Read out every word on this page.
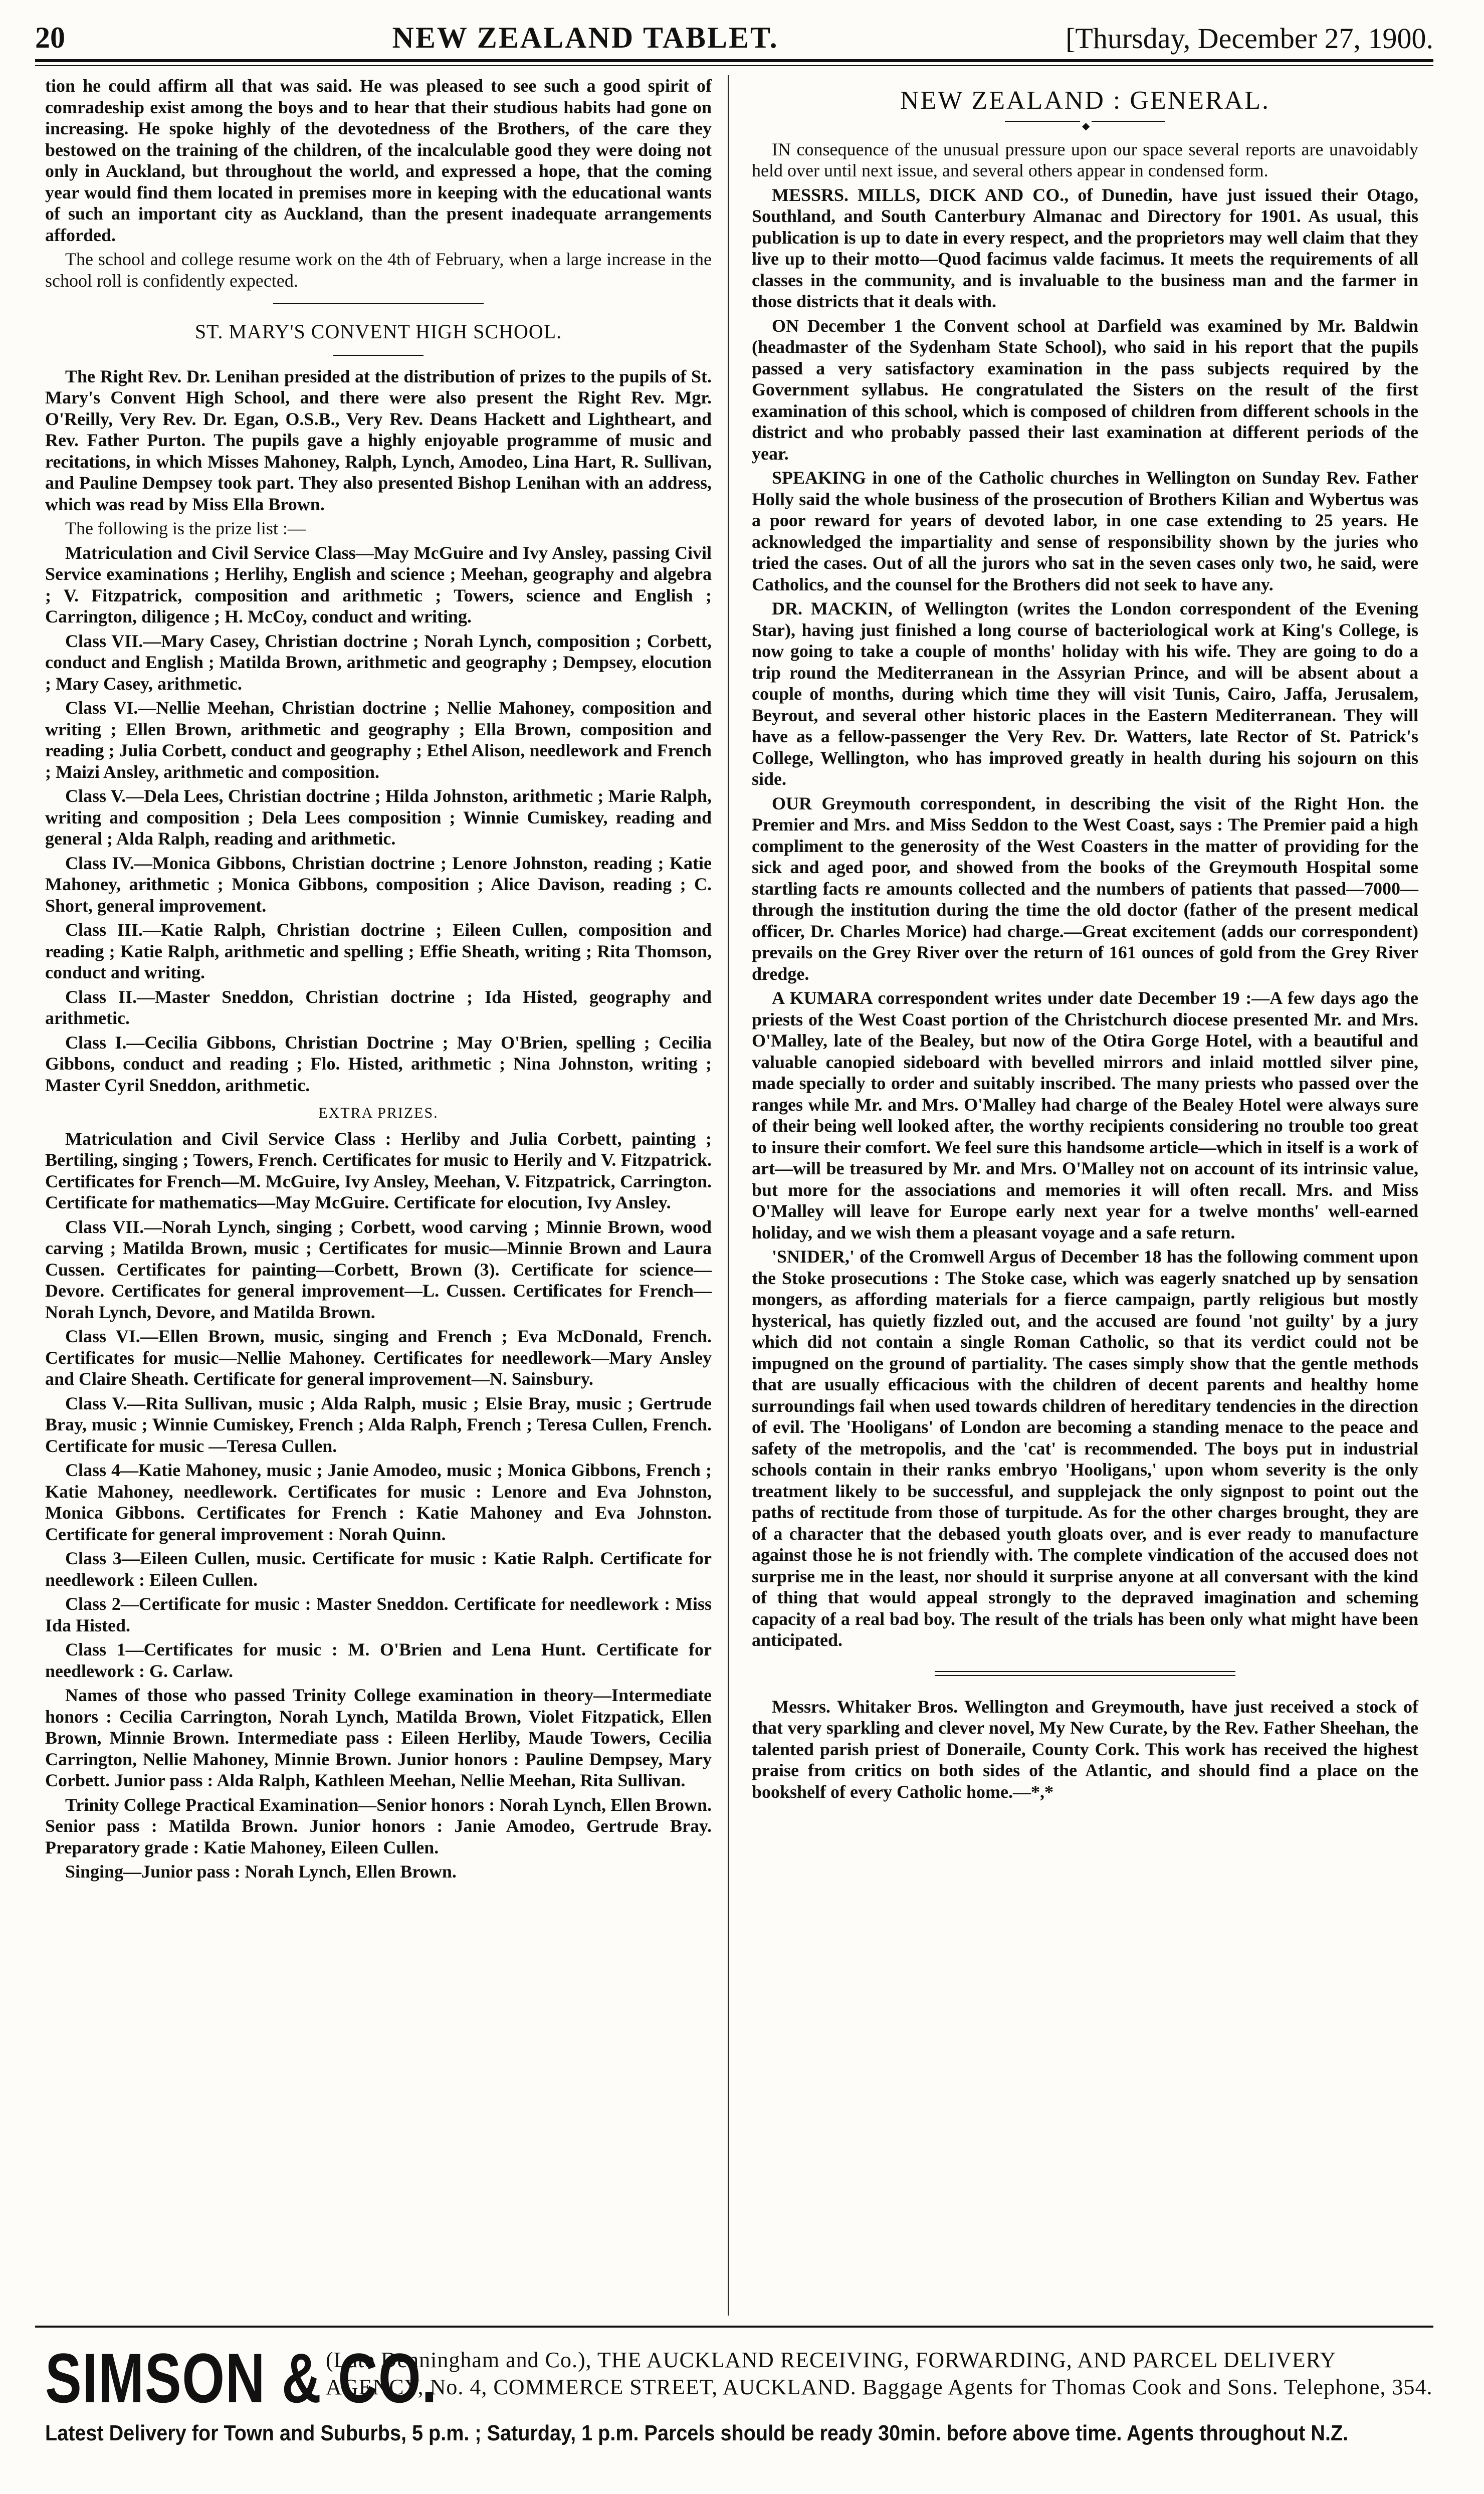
20	NEW ZEALAND TABLET.	[Thursday, December 27, 1900.

tion he could affirm all that was said. He was pleased to see such a good spirit of comradeship exist among the boys and to hear that their studious habits had gone on increasing. He spoke highly of the devotedness of the Brothers, of the care they bestowed on the training of the children, of the incalculable good they were doing not only in Auckland, but throughout the world, and expressed a hope, that the coming year would find them located in premises more in keeping with the educational wants of such an important city as Auckland, than the present inadequate arrangements afforded.

The school and college resume work on the 4th of February, when a large increase in the school roll is confidently expected.

ST. MARY'S CONVENT HIGH SCHOOL.

The Right Rev. Dr. Lenihan presided at the distribution of prizes to the pupils of St. Mary's Convent High School, and there were also present the Right Rev. Mgr. O'Reilly, Very Rev. Dr. Egan, O.S.B., Very Rev. Deans Hackett and Lightheart, and Rev. Father Purton. The pupils gave a highly enjoyable programme of music and recitations, in which Misses Mahoney, Ralph, Lynch, Amodeo, Lina Hart, R. Sullivan, and Pauline Dempsey took part. They also presented Bishop Lenihan with an address, which was read by Miss Ella Brown.

The following is the prize list :—

Matriculation and Civil Service Class—May McGuire and Ivy Ansley, passing Civil Service examinations ; Herlihy, English and science ; Meehan, geography and algebra ; V. Fitzpatrick, composition and arithmetic ; Towers, science and English ; Carrington, diligence ; H. McCoy, conduct and writing.

Class VII.—Mary Casey, Christian doctrine ; Norah Lynch, composition ; Corbett, conduct and English ; Matilda Brown, arithmetic and geography ; Dempsey, elocution ; Mary Casey, arithmetic.

Class VI.—Nellie Meehan, Christian doctrine ; Nellie Mahoney, composition and writing ; Ellen Brown, arithmetic and geography ; Ella Brown, composition and reading ; Julia Corbett, conduct and geography ; Ethel Alison, needlework and French ; Maizi Ansley, arithmetic and composition.

Class V.—Dela Lees, Christian doctrine ; Hilda Johnston, arithmetic ; Marie Ralph, writing and composition ; Dela Lees composition ; Winnie Cumiskey, reading and general ; Alda Ralph, reading and arithmetic.

Class IV.—Monica Gibbons, Christian doctrine ; Lenore Johnston, reading ; Katie Mahoney, arithmetic ; Monica Gibbons, composition ; Alice Davison, reading ; C. Short, general improvement.

Class III.—Katie Ralph, Christian doctrine ; Eileen Cullen, composition and reading ; Katie Ralph, arithmetic and spelling ; Effie Sheath, writing ; Rita Thomson, conduct and writing.

Class II.—Master Sneddon, Christian doctrine ; Ida Histed, geography and arithmetic.

Class I.—Cecilia Gibbons, Christian Doctrine ; May O'Brien, spelling ; Cecilia Gibbons, conduct and reading ; Flo. Histed, arithmetic ; Nina Johnston, writing ; Master Cyril Sneddon, arithmetic.

EXTRA PRIZES.

Matriculation and Civil Service Class : Herliby and Julia Corbett, painting ; Bertiling, singing ; Towers, French. Certificates for music to Herily and V. Fitzpatrick. Certificates for French—M. McGuire, Ivy Ansley, Meehan, V. Fitzpatrick, Carrington. Certificate for mathematics—May McGuire. Certificate for elocution, Ivy Ansley.

Class VII.—Norah Lynch, singing ; Corbett, wood carving ; Minnie Brown, wood carving ; Matilda Brown, music ; Certificates for music—Minnie Brown and Laura Cussen. Certificates for painting—Corbett, Brown (3). Certificate for science—Devore. Certificates for general improvement—L. Cussen. Certificates for French—Norah Lynch, Devore, and Matilda Brown.

Class VI.—Ellen Brown, music, singing and French ; Eva McDonald, French. Certificates for music—Nellie Mahoney. Certificates for needlework—Mary Ansley and Claire Sheath. Certificate for general improvement—N. Sainsbury.

Class V.—Rita Sullivan, music ; Alda Ralph, music ; Elsie Bray, music ; Gertrude Bray, music ; Winnie Cumiskey, French ; Alda Ralph, French ; Teresa Cullen, French. Certificate for music —Teresa Cullen.

Class 4—Katie Mahoney, music ; Janie Amodeo, music ; Monica Gibbons, French ; Katie Mahoney, needlework. Certificates for music : Lenore and Eva Johnston, Monica Gibbons. Certificates for French : Katie Mahoney and Eva Johnston. Certificate for general improvement : Norah Quinn.

Class 3—Eileen Cullen, music. Certificate for music : Katie Ralph. Certificate for needlework : Eileen Cullen.

Class 2—Certificate for music : Master Sneddon. Certificate for needlework : Miss Ida Histed.

Class 1—Certificates for music : M. O'Brien and Lena Hunt. Certificate for needlework : G. Carlaw.

Names of those who passed Trinity College examination in theory—Intermediate honors : Cecilia Carrington, Norah Lynch, Matilda Brown, Violet Fitzpatick, Ellen Brown, Minnie Brown. Intermediate pass : Eileen Herliby, Maude Towers, Cecilia Carrington, Nellie Mahoney, Minnie Brown. Junior honors : Pauline Dempsey, Mary Corbett. Junior pass : Alda Ralph, Kathleen Meehan, Nellie Meehan, Rita Sullivan.

Trinity College Practical Examination—Senior honors : Norah Lynch, Ellen Brown. Senior pass : Matilda Brown. Junior honors : Janie Amodeo, Gertrude Bray. Preparatory grade : Katie Mahoney, Eileen Cullen.

Singing—Junior pass : Norah Lynch, Ellen Brown.

NEW ZEALAND : GENERAL.
◆

IN consequence of the unusual pressure upon our space several reports are unavoidably held over until next issue, and several others appear in condensed form.

MESSRS. MILLS, DICK AND CO., of Dunedin, have just issued their Otago, Southland, and South Canterbury Almanac and Directory for 1901. As usual, this publication is up to date in every respect, and the proprietors may well claim that they live up to their motto—Quod facimus valde facimus. It meets the requirements of all classes in the community, and is invaluable to the business man and the farmer in those districts that it deals with.

ON December 1 the Convent school at Darfield was examined by Mr. Baldwin (headmaster of the Sydenham State School), who said in his report that the pupils passed a very satisfactory examination in the pass subjects required by the Government syllabus. He congratulated the Sisters on the result of the first examination of this school, which is composed of children from different schools in the district and who probably passed their last examination at different periods of the year.

SPEAKING in one of the Catholic churches in Wellington on Sunday Rev. Father Holly said the whole business of the prosecution of Brothers Kilian and Wybertus was a poor reward for years of devoted labor, in one case extending to 25 years. He acknowledged the impartiality and sense of responsibility shown by the juries who tried the cases. Out of all the jurors who sat in the seven cases only two, he said, were Catholics, and the counsel for the Brothers did not seek to have any.

DR. MACKIN, of Wellington (writes the London correspondent of the Evening Star), having just finished a long course of bacteriological work at King's College, is now going to take a couple of months' holiday with his wife. They are going to do a trip round the Mediterranean in the Assyrian Prince, and will be absent about a couple of months, during which time they will visit Tunis, Cairo, Jaffa, Jerusalem, Beyrout, and several other historic places in the Eastern Mediterranean. They will have as a fellow-passenger the Very Rev. Dr. Watters, late Rector of St. Patrick's College, Wellington, who has improved greatly in health during his sojourn on this side.

OUR Greymouth correspondent, in describing the visit of the Right Hon. the Premier and Mrs. and Miss Seddon to the West Coast, says : The Premier paid a high compliment to the generosity of the West Coasters in the matter of providing for the sick and aged poor, and showed from the books of the Greymouth Hospital some startling facts re amounts collected and the numbers of patients that passed—7000—through the institution during the time the old doctor (father of the present medical officer, Dr. Charles Morice) had charge.—Great excitement (adds our correspondent) prevails on the Grey River over the return of 161 ounces of gold from the Grey River dredge.

A KUMARA correspondent writes under date December 19 :—A few days ago the priests of the West Coast portion of the Christchurch diocese presented Mr. and Mrs. O'Malley, late of the Bealey, but now of the Otira Gorge Hotel, with a beautiful and valuable canopied sideboard with bevelled mirrors and inlaid mottled silver pine, made specially to order and suitably inscribed. The many priests who passed over the ranges while Mr. and Mrs. O'Malley had charge of the Bealey Hotel were always sure of their being well looked after, the worthy recipients considering no trouble too great to insure their comfort. We feel sure this handsome article—which in itself is a work of art—will be treasured by Mr. and Mrs. O'Malley not on account of its intrinsic value, but more for the associations and memories it will often recall. Mrs. and Miss O'Malley will leave for Europe early next year for a twelve months' well-earned holiday, and we wish them a pleasant voyage and a safe return.

'SNIDER,' of the Cromwell Argus of December 18 has the following comment upon the Stoke prosecutions : The Stoke case, which was eagerly snatched up by sensation mongers, as affording materials for a fierce campaign, partly religious but mostly hysterical, has quietly fizzled out, and the accused are found 'not guilty' by a jury which did not contain a single Roman Catholic, so that its verdict could not be impugned on the ground of partiality. The cases simply show that the gentle methods that are usually efficacious with the children of decent parents and healthy home surroundings fail when used towards children of hereditary tendencies in the direction of evil. The 'Hooligans' of London are becoming a standing menace to the peace and safety of the metropolis, and the 'cat' is recommended. The boys put in industrial schools contain in their ranks embryo 'Hooligans,' upon whom severity is the only treatment likely to be successful, and supplejack the only signpost to point out the paths of rectitude from those of turpitude. As for the other charges brought, they are of a character that the debased youth gloats over, and is ever ready to manufacture against those he is not friendly with. The complete vindication of the accused does not surprise me in the least, nor should it surprise anyone at all conversant with the kind of thing that would appeal strongly to the depraved imagination and scheming capacity of a real bad boy. The result of the trials has been only what might have been anticipated.

Messrs. Whitaker Bros. Wellington and Greymouth, have just received a stock of that very sparkling and clever novel, My New Curate, by the Rev. Father Sheehan, the talented parish priest of Doneraile, County Cork. This work has received the highest praise from critics on both sides of the Atlantic, and should find a place on the bookshelf of every Catholic home.—*,*

SIMSON & CO.
(Late Denningham and Co.), THE AUCKLAND RECEIVING, FORWARDING, AND PARCEL DELIVERY AGENCY, No. 4, COMMERCE STREET, AUCKLAND. Baggage Agents for Thomas Cook and Sons. Telephone, 354.
Latest Delivery for Town and Suburbs, 5 p.m. ; Saturday, 1 p.m. Parcels should be ready 30min. before above time. Agents throughout N.Z.
